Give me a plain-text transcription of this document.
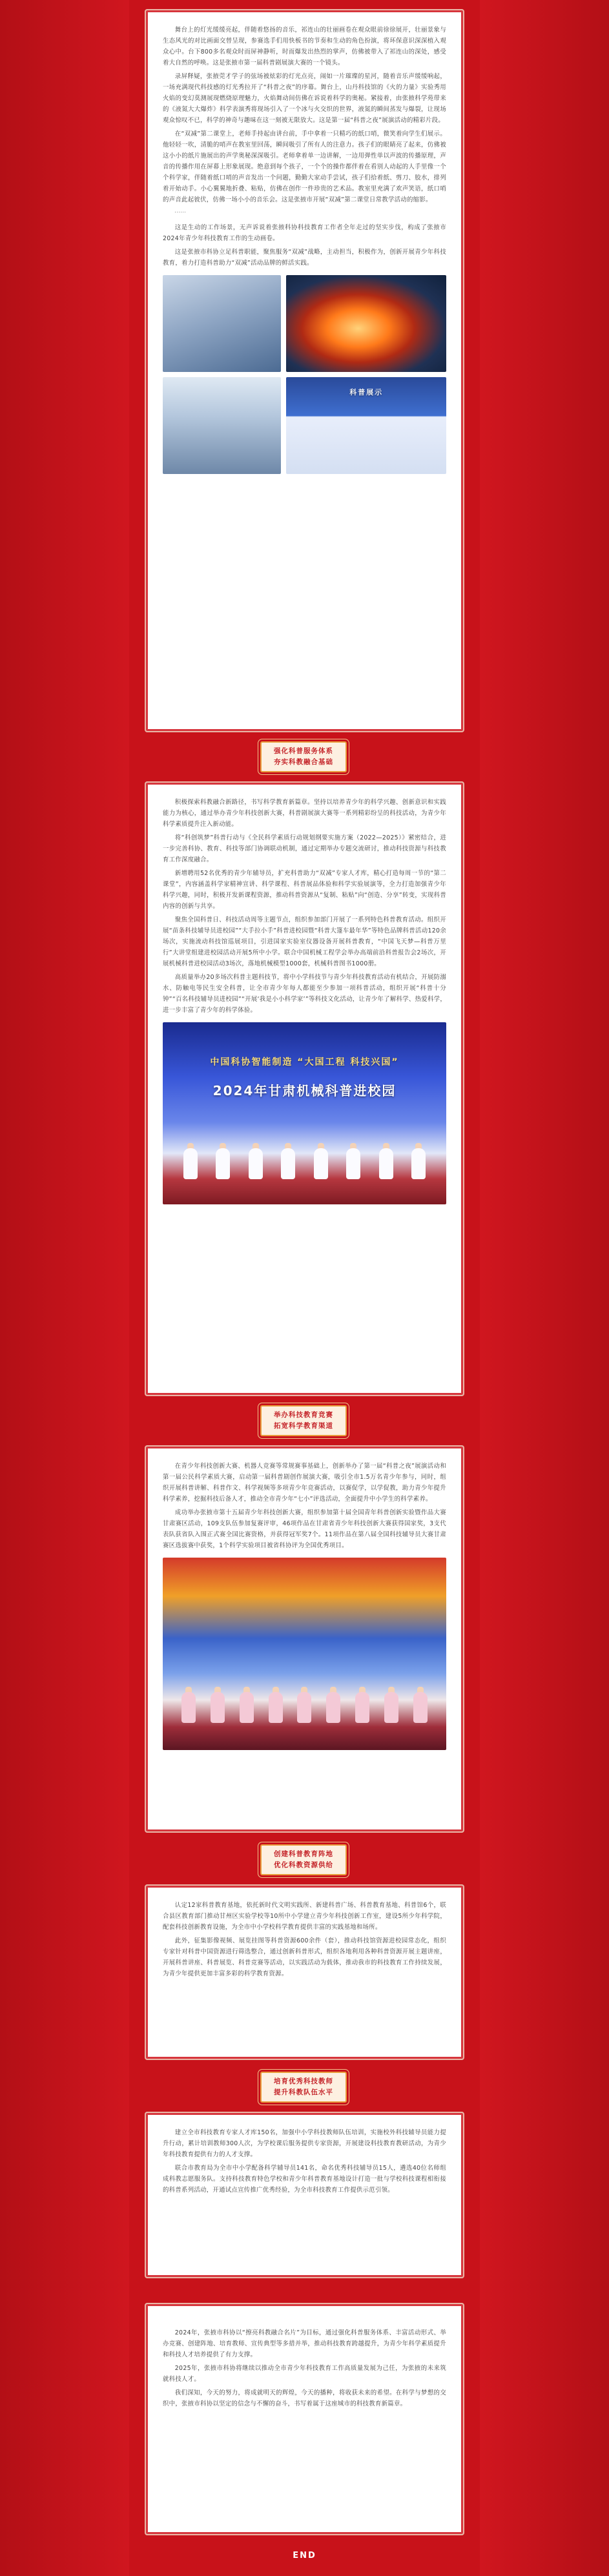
舞台上的灯光缓缓亮起，伴随着悠扬的音乐，祁连山的壮丽画卷在观众眼前徐徐展开，壮丽景象与生态风光的对比画面交替呈现，参赛选手们用快板书的节奏和生动的角色扮演，将环保意识深深植入观众心中。台下800多名观众时而屏神静听，时而爆发出热烈的掌声，仿佛被带入了祁连山的深处，感受着大自然的呼唤。这是张掖市第一届科普剧展演大赛的一个镜头。

录屏释疑，张掖莞才学子的弦场被炫彩的灯光点亮，闹如一片璀璨的星河，随着音乐声缓缓响起，一场充满现代科技感的灯光秀拉开了“科普之夜”的序幕。舞台上，山丹科技馆的《火的力量》实验秀用火焰的变幻莫测展现燃烧原理魅力，火焰舞动间仿佛在诉说着科学的奥秘。紧接着，由张掖科学苑带来的《液氮大大爆炸》科学表演秀将现场引入了一个冰与火交织的世界，液氮的瞬间蒸发与爆裂，让现场观众惊叹不已，科学的神奇与趣味在这一刻被无限放大。这是第一届“科普之夜”展演活动的精彩片段。

在“双减”第二课堂上，老师手持起由讲台前，手中拿着一只精巧的纸口哨，微笑着向学生们展示。他轻轻一吹，清脆的哨声在教室里回荡，瞬间吸引了所有人的注意力。孩子们的眼睛亮了起来，仿佛被这小小的纸片施展出的声学奥秘深深吸引。老师拿着单一边讲解，一边用弹性单以声波的传播原理，声音的传播作用在屏幕上形象展现。绝意到每个孩子，一个个的操作都伴着在看别人动起的人手里像一个个科学家，伴随着纸口哨的声音发出一个问题，勤勤大家动手尝试，孩子们拾着纸、剪刀、胶水，排列着开始动手。小心翼翼地折叠、粘贴，仿佛在创作一件珍贵的艺术品。教室里充满了欢声笑语，纸口哨的声音此起彼伏，仿佛一场小小的音乐会。这是张掖市开展“双减”第二课堂日常教学活动的缩影。

……

这是生动的工作场景，无声诉说着张掖科协科技教育工作者全年走过的坚实步伐，构成了张掖市2024年青少年科技教育工作的生动画卷。

这是张掖市科协立足科普职能，聚焦服务“双减”战略，主动担当，积极作为，创新开展青少年科技教育，着力打造科普助力“双减”活动品牌的鲜活实践。

科普展示
强化科普服务体系
夯实科教融合基础

积极探索科教融合新路径，书写科学教育新篇章。坚持以培养青少年的科学兴趣、创新意识和实践能力为核心，通过举办青少年科技创新大赛，科普剧展演大赛等一系列精彩纷呈的科技活动，为青少年科学素质提升注入新动能。

将“科创筑梦”科普行动与《全民科学素质行动规划纲要实施方案（2022—2025）》紧密结合，进一步完善科协、教育、科技等部门协调联动机制，通过定期举办专题交流研讨，推动科技资源与科技教育工作深度融合。

新增聘用52名优秀的青少年辅导员，扩充科普助力“双减”专家人才库，精心打造每周一节的“第二课堂”，内容涵盖科学家精神宣讲、科学课程、科普展品体验和科学实验展演等，全力打造加强青少年科学兴趣，同时，积极开发新课程资源，推动科普资源从“复制、粘贴”向“创造、分享”转变，实现科普内容的创新与共享。

聚焦全国科普日、科技活动周等主题节点，组织参加部门开展了一系列特色科普教育活动。组织开展“苗条科技辅导员进校园”“大手拉小手”科普进校园暨“科普大篷车最年华”等特色品牌科普活动120余场次，实施流动科技馆巡展项目，引进国家实验室仪器设备开展科普教育，“中国飞天梦—科普万里行”大讲堂组建进校园活动开展5所中小学。联合中国机械工程学会举办高端前沿科普报告会2场次，开展机械科普进校园活动3场次，落地机械模型1000套，机械科普图书1000册。

高质量举办20多场次科普主题科技节，将中小学科技节与青少年科技教育活动有机结合，开展防溺水、防触电等民生安全科普，让全市青少年每人都能至少参加一项科普活动，组织开展“科普十分钟”“百名科技辅导员进校园”“开展‘我是小小科学家’”等科技文化活动，让青少年了解科学、热爱科学，进一步丰富了青少年的科学体验。

中国科协智能制造 “大国工程 科技兴国”
2024年甘肃机械科普进校园
举办科技教育竞赛
拓宽科学教育渠道

在青少年科技创新大赛、机器人竞赛等常规赛事基础上，创新举办了第一届“科普之夜”展演活动和第一届公民科学素质大赛，启动第一届科普剧创作展演大赛，吸引全市1.5万名青少年参与，同时，组织开展科普讲解、科普作文、科学视频等多项青少年竞赛活动，以赛促学，以学促教，助力青少年提升科学素养，挖掘科技后备人才，推动全市青少年“七小”评选活动，全面提升中小学生的科学素养。

成功举办张掖市第十五届青少年科技创新大赛，组织参加第十届全国青年科普创新实验暨作品大赛甘肃赛区活动，109支队伍参加复赛评审，46项作品在甘肃省青少年科技创新大赛获得国家奖，3支代表队获省队入围正式赛全国比赛资格，并获得冠军奖7个。11项作品在第八届全国科技辅导员大赛甘肃赛区选拔赛中获奖，1个科学实验项目被省科协评为全国优秀项目。

创建科普教育阵地
优化科教资源供给

认定12家科普教育基地，依托新时代文明实践所、新建科普广场、科普教育基地、科普馆6个，联合县区教育部门推动甘州区实验学校等10所中小学建立青少年科技创新工作室，建设5所少年科学院，配套科技创新教育设施，为全市中小学校科学教育提供丰富的实践基地和场所。

此外，征集影像视频、展览挂图等科普资源600余件（套），推动科技馆资源进校园常态化，组织专家针对科普中国资源进行筛选整合，通过创新科普形式，组织各地利用各种科普资源开展主题讲座，开展科普讲座、科普展览、科普竞赛等活动，以实践活动为载体，推动我市的科技教育工作持续发展，为青少年提供更加丰富多彩的科学教育资源。

培育优秀科技教师
提升科教队伍水平

建立全市科技教育专家人才库150名，加强中小学科技教师队伍培训，实施校外科技辅导员能力提升行动，累计培训教师300人次，为学校课后服务提供专家资源，开展建设科技教育教研活动，为青少年科技教育提供有力的人才支撑。

联合市教育局为全市中小学配备科学辅导员141名，命名优秀科技辅导员15人，遴选40位名师组成科教志愿服务队。支持科技教育特色学校和青少年科普教育基地设计打造一批与学校科技课程相衔接的科普系列活动，开通试点宣传推广优秀经验，为全市科技教育工作提供示范引领。

2024年，张掖市科协以“擦亮科教融合名片”为目标，通过强化科普服务体系、丰富活动形式、举办竞赛、创建阵地、培育教师、宣传典型等多措并举，推动科技教育跨越提升，为青少年科学素质提升和科技人才培养提供了有力支撑。

2025年，张掖市科协将继续以推动全市青少年科技教育工作高质量发展为己任，为张掖的未来筑就科技人才。

我们深知，今天的努力，将成就明天的辉煌，今天的播种，将收获未来的希望。在科学与梦想的交织中，张掖市科协以坚定的信念与不懈的奋斗，书写着属于这座城市的科技教育新篇章。

END
